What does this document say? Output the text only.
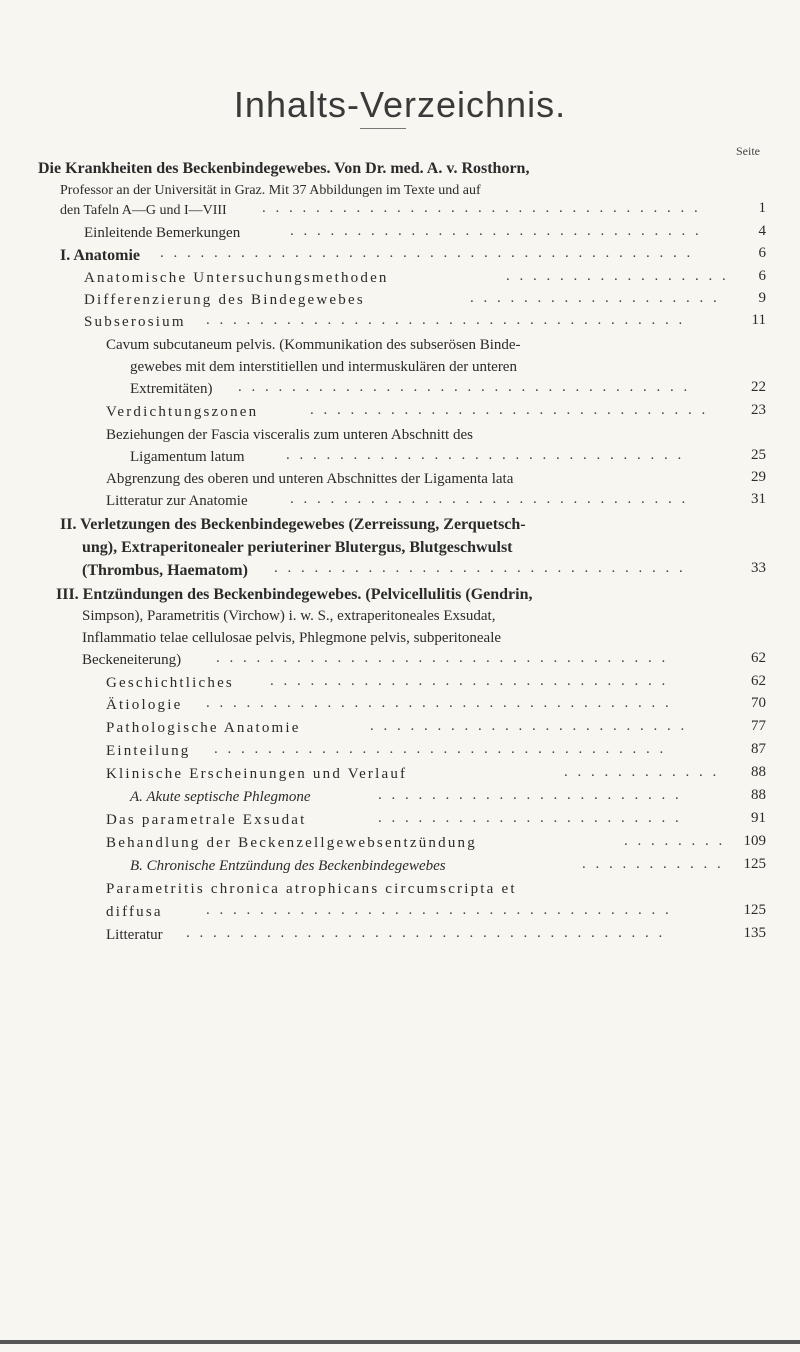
Inhalts-Verzeichnis.
Seite
Die Krankheiten des Beckenbindegewebes. Von Dr. med. A. v. Rosthorn,
Professor an der Universität in Graz. Mit 37 Abbildungen im Texte und auf
den Tafeln A—G und I—VIII . . . . . . . . . . . . . . . . . . . . . . . . . . . . . . . . .	1
Einleitende Bemerkungen	. . . . . . . . . . . . . . . . . . . . . . . . . . . . . . .	4
I. Anatomie . . . . . . . . . . . . . . . . . . . . . . . . . . . . . . . . . . . . . . . .	6
Anatomische Untersuchungsmethoden	. . . . . . . . . . . . . . . . .	6
Differenzierung des Bindegewebes	. . . . . . . . . . . . . . . . . . .	9
Subserosium . . . . . . . . . . . . . . . . . . . . . . . . . . . . . . . . . . . .	11
Cavum subcutaneum pelvis. (Kommunikation des subserösen Binde-
gewebes mit dem interstitiellen und intermuskulären der unteren
Extremitäten) . . . . . . . . . . . . . . . . . . . . . . . . . . . . . . . . . .	22
Verdichtungszonen	. . . . . . . . . . . . . . . . . . . . . . . . . . . . . .	23
Beziehungen der Fascia visceralis zum unteren Abschnitt des
Ligamentum latum	. . . . . . . . . . . . . . . . . . . . . . . . . . . . . .	25
Abgrenzung des oberen und unteren Abschnittes der Ligamenta lata	29
Litteratur zur Anatomie	. . . . . . . . . . . . . . . . . . . . . . . . . . . . . .	31
II. Verletzungen des Beckenbindegewebes (Zerreissung, Zerquetsch-
ung), Extraperitonealer periuteriner Blutergus, Blutgeschwulst
(Thrombus, Haematom) . . . . . . . . . . . . . . . . . . . . . . . . . . . . . . .	33
III. Entzündungen des Beckenbindegewebes. (Pelvicellulitis (Gendrin,
Simpson), Parametritis (Virchow) i. w. S., extraperitoneales Exsudat,
Inflammatio telae cellulosae pelvis, Phlegmone pelvis, subperitoneale
Beckeneiterung) . . . . . . . . . . . . . . . . . . . . . . . . . . . . . . . . . .	62
Geschichtliches . . . . . . . . . . . . . . . . . . . . . . . . . . . . . .	62
Ätiologie . . . . . . . . . . . . . . . . . . . . . . . . . . . . . . . . . . .	70
Pathologische Anatomie	. . . . . . . . . . . . . . . . . . . . . . . .	77
Einteilung . . . . . . . . . . . . . . . . . . . . . . . . . . . . . . . . . .	87
Klinische Erscheinungen und Verlauf	. . . . . . . . . . . .	88
A. Akute septische Phlegmone	. . . . . . . . . . . . . . . . . . . . . . .	88
Das parametrale Exsudat	. . . . . . . . . . . . . . . . . . . . . . .	91
Behandlung der Beckenzellgewebsentzündung	. . . . . . . .	109
B. Chronische Entzündung des Beckenbindegewebes	. . . . . . . . . . .	125
Parametritis chronica atrophicans circumscripta et
diffusa	. . . . . . . . . . . . . . . . . . . . . . . . . . . . . . . . . . .	125
Litteratur . . . . . . . . . . . . . . . . . . . . . . . . . . . . . . . . . . . .	135
